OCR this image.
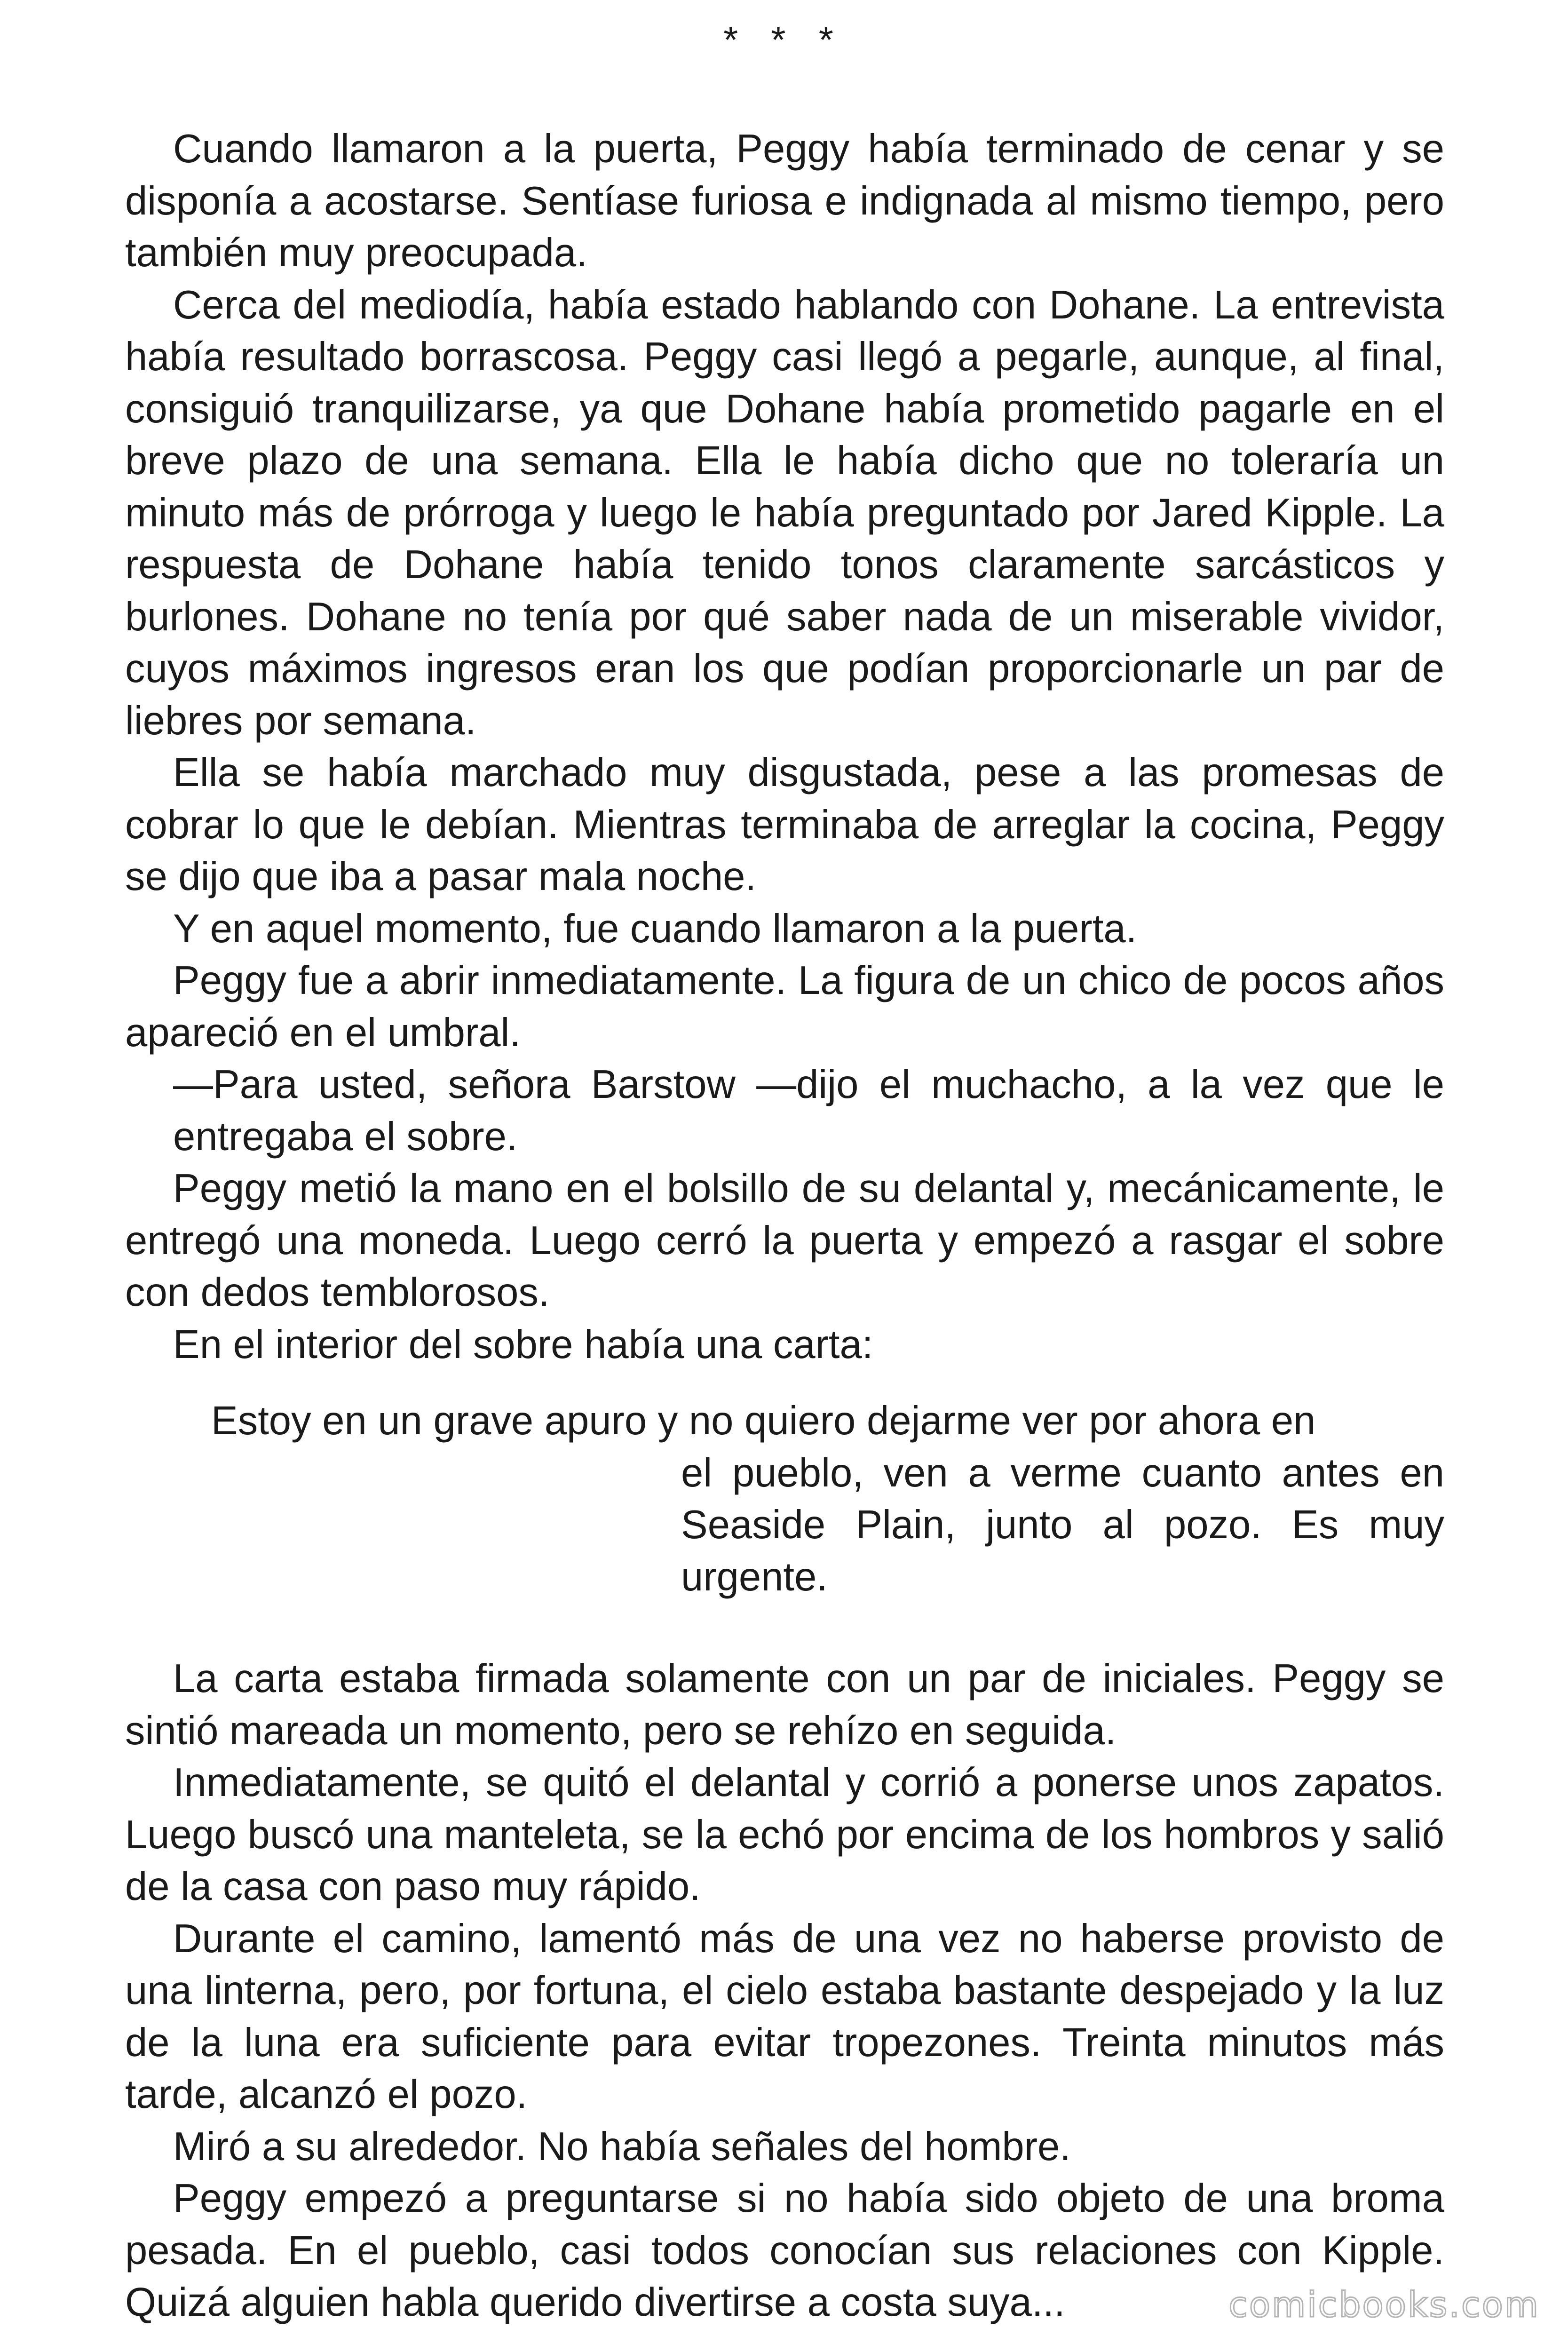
* * *

Cuando llamaron a la puerta, Peggy había terminado de cenar y se disponía a acostarse. Sentíase furiosa e indignada al mismo tiempo, pero también muy preocupada.

Cerca del mediodía, había estado hablando con Dohane. La entrevista había resultado borrascosa. Peggy casi llegó a pegarle, aunque, al final, consiguió tranquilizarse, ya que Dohane había prometido pagarle en el breve plazo de una semana. Ella le había dicho que no toleraría un minuto más de prórroga y luego le había preguntado por Jared Kipple. La respuesta de Dohane había tenido tonos claramente sarcásticos y burlones. Dohane no tenía por qué saber nada de un miserable vividor, cuyos máximos ingresos eran los que podían proporcionarle un par de liebres por semana.

Ella se había marchado muy disgustada, pese a las promesas de cobrar lo que le debían. Mientras terminaba de arreglar la cocina, Peggy se dijo que iba a pasar mala noche.

Y en aquel momento, fue cuando llamaron a la puerta.

Peggy fue a abrir inmediatamente. La figura de un chico de pocos años apareció en el umbral.

—Para usted, señora Barstow —dijo el muchacho, a la vez que le entregaba el sobre.

Peggy metió la mano en el bolsillo de su delantal y, mecánicamente, le entregó una moneda. Luego cerró la puerta y empezó a rasgar el sobre con dedos temblorosos.

En el interior del sobre había una carta:

Estoy en un grave apuro y no quiero dejarme ver por ahora en

el pueblo, ven a verme cuanto antes en Seaside Plain, junto al pozo. Es muy urgente.

La carta estaba firmada solamente con un par de iniciales. Peggy se sintió mareada un momento, pero se rehízo en seguida.

Inmediatamente, se quitó el delantal y corrió a ponerse unos zapatos. Luego buscó una manteleta, se la echó por encima de los hombros y salió de la casa con paso muy rápido.

Durante el camino, lamentó más de una vez no haberse provisto de una linterna, pero, por fortuna, el cielo estaba bastante despejado y la luz de la luna era suficiente para evitar tropezones. Treinta minutos más tarde, alcanzó el pozo.

Miró a su alrededor. No había señales del hombre.

Peggy empezó a preguntarse si no había sido objeto de una broma pesada. En el pueblo, casi todos conocían sus relaciones con Kipple. Quizá alguien habla querido divertirse a costa suya...	comicbooks.com
